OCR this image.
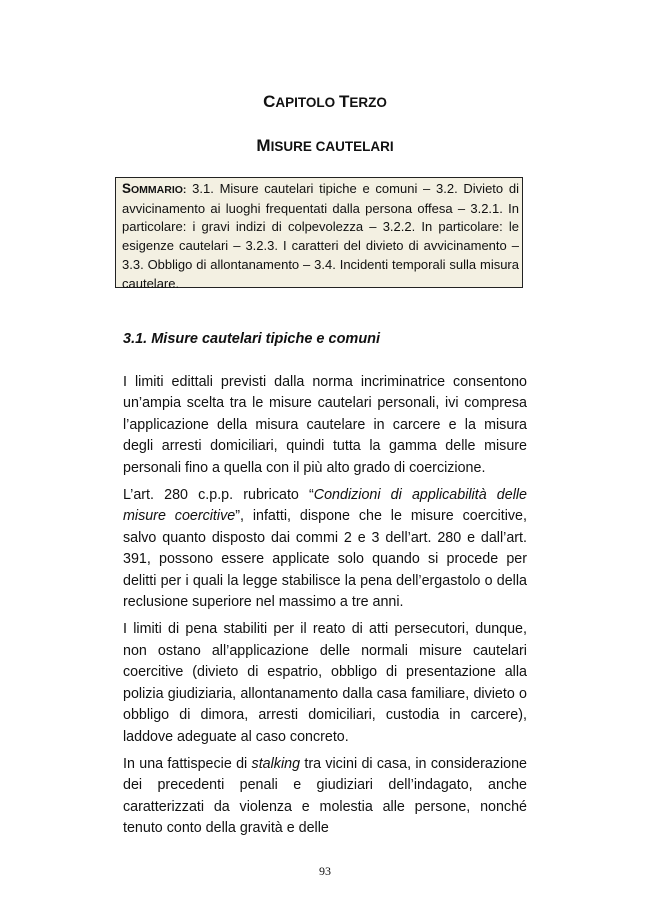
CAPITOLO TERZO
MISURE CAUTELARI
SOMMARIO: 3.1. Misure cautelari tipiche e comuni – 3.2. Divieto di avvicinamento ai luoghi frequentati dalla persona offesa – 3.2.1. In particolare: i gravi indizi di colpevolezza – 3.2.2. In particolare: le esigenze cautelari – 3.2.3. I caratteri del divieto di avvicinamento – 3.3. Obbligo di allontanamento – 3.4. Incidenti temporali sulla misura cautelare.
3.1. Misure cautelari tipiche e comuni

I limiti edittali previsti dalla norma incriminatrice consentono un’ampia scelta tra le misure cautelari personali, ivi compresa l’applicazione della misura cautelare in carcere e la misura degli arresti domiciliari, quindi tutta la gamma delle misure personali fino a quella con il più alto grado di coercizione.

L’art. 280 c.p.p. rubricato “Condizioni di applicabilità delle misure coercitive”, infatti, dispone che le misure coercitive, salvo quanto disposto dai commi 2 e 3 dell’art. 280 e dall’art. 391, possono essere applicate solo quando si procede per delitti per i quali la legge stabilisce la pena dell’ergastolo o della reclusione superiore nel massimo a tre anni.

I limiti di pena stabiliti per il reato di atti persecutori, dunque, non ostano all’applicazione delle normali misure cautelari coercitive (divieto di espatrio, obbligo di presentazione alla polizia giudiziaria, allontanamento dalla casa familiare, divieto o obbligo di dimora, arresti domiciliari, custodia in carcere), laddove adeguate al caso concreto.

In una fattispecie di stalking tra vicini di casa, in considerazione dei precedenti penali e giudiziari dell’indagato, anche caratterizzati da violenza e molestia alle persone, nonché tenuto conto della gravità e delle

93
